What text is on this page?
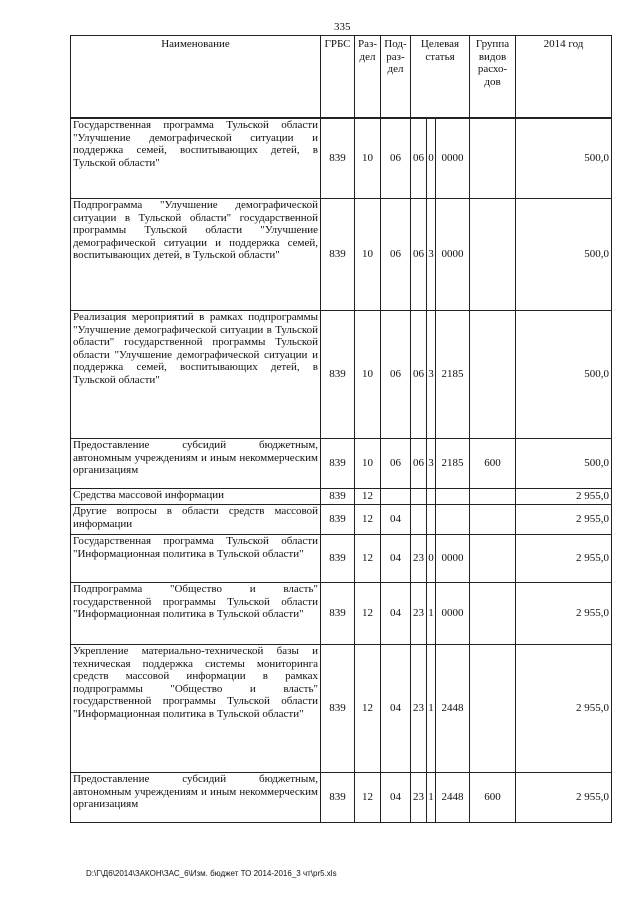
335
Наименование	ГРБС	Раз-дел	Под-раз-дел	Целевая статья			Группа видов расхо-дов	2014 год

Государственная программа Тульской области "Улучшение демографической ситуации и поддержка семей, воспитывающих детей, в Тульской области"	839	10	06	06	0	0000		500,0
Подпрограмма "Улучшение демографической ситуации в Тульской области" государственной программы Тульской области "Улучшение демографической ситуации и поддержка семей, воспитывающих детей, в Тульской области"	839	10	06	06	3	0000		500,0
Реализация мероприятий в рамках подпрограммы "Улучшение демографической ситуации в Тульской области" государственной программы Тульской области "Улучшение демографической ситуации и поддержка семей, воспитывающих детей, в Тульской области"	839	10	06	06	3	2185		500,0
Предоставление субсидий бюджетным, автономным учреждениям и иным некоммерческим организациям	839	10	06	06	3	2185	600	500,0
Средства массовой информации	839	12						2 955,0
Другие вопросы в области средств массовой информации	839	12	04					2 955,0
Государственная программа Тульской области "Информационная политика в Тульской области"	839	12	04	23	0	0000		2 955,0
Подпрограмма "Общество и власть" государственной программы Тульской области "Информационная политика в Тульской области"	839	12	04	23	1	0000		2 955,0
Укрепление материально-технической базы и техническая поддержка системы мониторинга средств массовой информации в рамках подпрограммы "Общество и власть" государственной программы Тульской области "Информационная политика в Тульской области"	839	12	04	23	1	2448		2 955,0
Предоставление субсидий бюджетным, автономным учреждениям и иным некоммерческим организациям	839	12	04	23	1	2448	600	2 955,0
D:\Г\Д6\2014\ЗАКОН\ЗАС_6\Изм. бюджет ТО 2014-2016_3 чт\pr5.xls
